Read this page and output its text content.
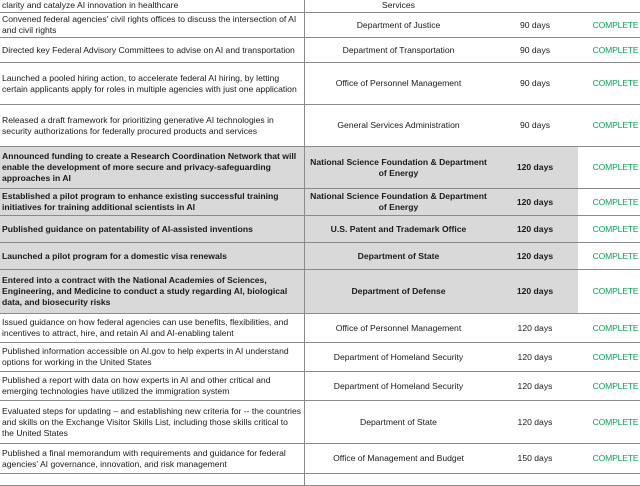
clarity and catalyze AI innovation in healthcare	Services		
Convened federal agencies' civil rights offices to discuss the intersection of AI and civil rights	Department of Justice	90 days	COMPLETE
Directed key Federal Advisory Committees to advise on AI and transportation	Department of Transportation	90 days	COMPLETE
Launched a pooled hiring action, to accelerate federal AI hiring, by letting certain applicants apply for roles in multiple agencies with just one application	Office of Personnel Management	90 days	COMPLETE
Released a draft framework for prioritizing generative AI technologies in security authorizations for federally procured products and services	General Services Administration	90 days	COMPLETE
Announced funding to create a Research Coordination Network that will enable the development of more secure and privacy-safeguarding approaches in AI	National Science Foundation & Department of Energy	120 days	COMPLETE
Established a pilot program to enhance existing successful training initiatives for training additional scientists in AI	National Science Foundation & Department of Energy	120 days	COMPLETE
Published guidance on patentability of AI-assisted inventions	U.S. Patent and Trademark Office	120 days	COMPLETE
Launched a pilot program for a domestic visa renewals	Department of State	120 days	COMPLETE
Entered into a contract with the National Academies of Sciences, Engineering, and Medicine to conduct a study regarding AI, biological data, and biosecurity risks	Department of Defense	120 days	COMPLETE
Issued guidance on how federal agencies can use benefits, flexibilities, and incentives to attract, hire, and retain AI and AI-enabling talent	Office of Personnel Management	120 days	COMPLETE
Published information accessible on AI.gov to help experts in AI understand options for working in the United States	Department of Homeland Security	120 days	COMPLETE
Published a report with data on how experts in AI and other critical and emerging technologies have utilized the immigration system	Department of Homeland Security	120 days	COMPLETE
Evaluated steps for updating – and establishing new criteria for -- the countries and skills on the Exchange Visitor Skills List, including those skills critical to the United States	Department of State	120 days	COMPLETE
Published a final memorandum with requirements and guidance for federal agencies' AI governance, innovation, and risk management	Office of Management and Budget	150 days	COMPLETE
